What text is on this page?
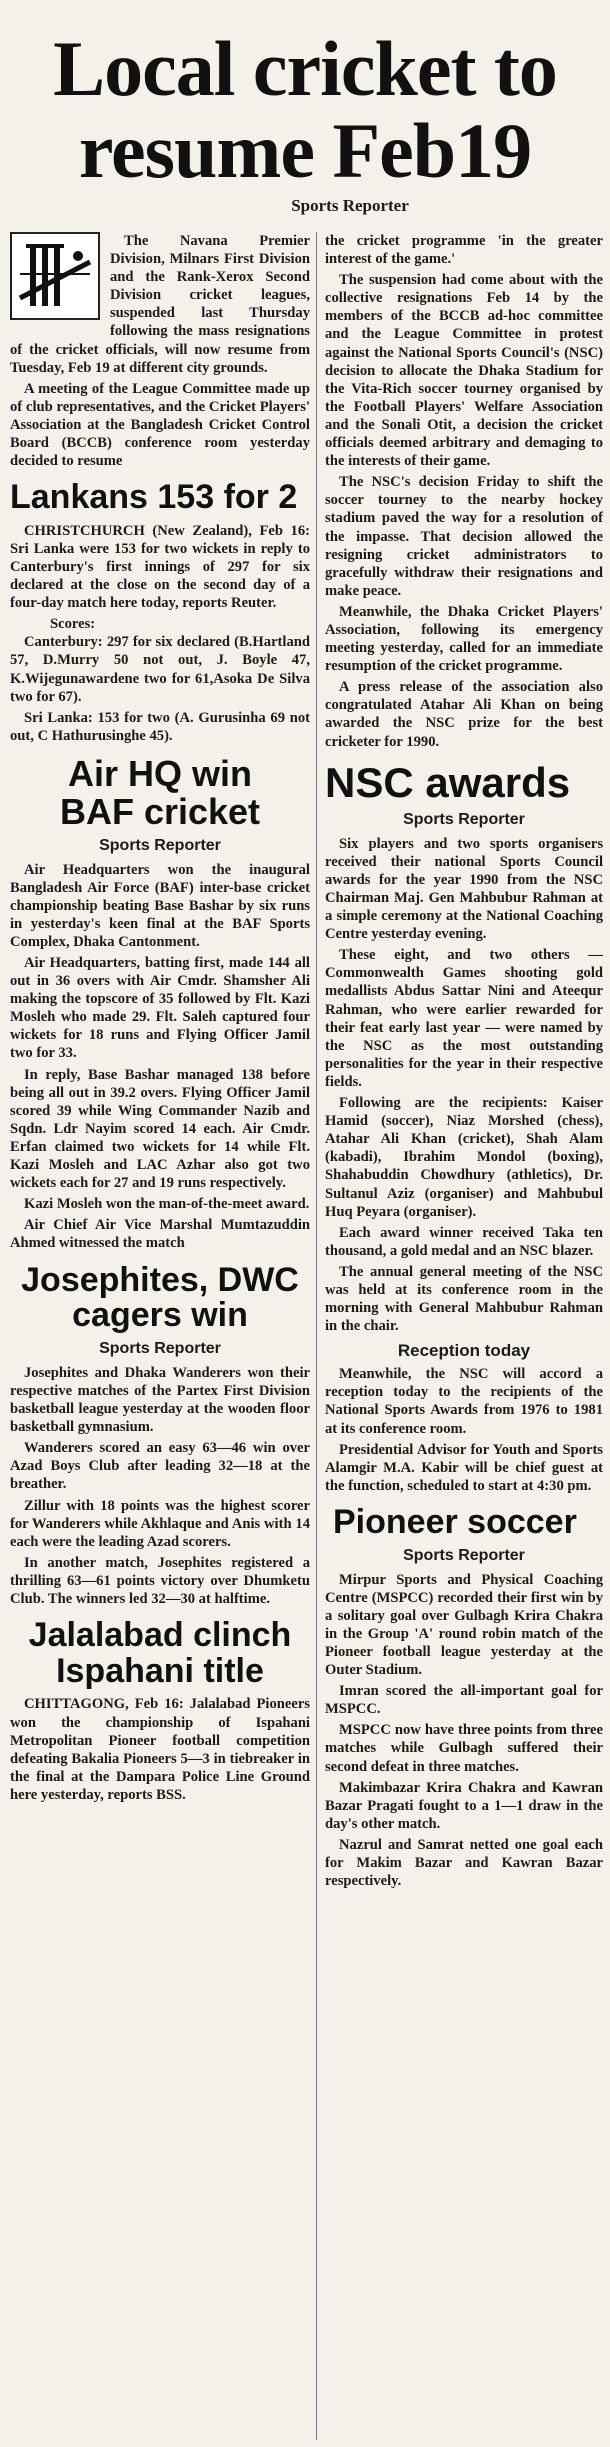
Local cricket to
resume Feb19
Sports Reporter

The Navana Premier Division, Milnars First Division and the Rank-Xerox Second Division cricket leagues, suspended last Thursday following the mass resignations of the cricket officials, will now resume from Tuesday, Feb 19 at different city grounds.

A meeting of the League Committee made up of club representatives, and the Cricket Players' Association at the Bangladesh Cricket Control Board (BCCB) conference room yesterday decided to resume

Lankans 153 for 2

CHRISTCHURCH (New Zealand), Feb 16: Sri Lanka were 153 for two wickets in reply to Canterbury's first innings of 297 for six declared at the close on the second day of a four-day match here today, reports Reuter.

Scores:

Canterbury: 297 for six declared (B.Hartland 57, D.Murry 50 not out, J. Boyle 47, K.Wijegunawardene two for 61,Asoka De Silva two for 67).

Sri Lanka: 153 for two (A. Gurusinha 69 not out, C Hathurusinghe 45).

Air HQ win
BAF cricket
Sports Reporter

Air Headquarters won the inaugural Bangladesh Air Force (BAF) inter-base cricket championship beating Base Bashar by six runs in yesterday's keen final at the BAF Sports Complex, Dhaka Cantonment.

Air Headquarters, batting first, made 144 all out in 36 overs with Air Cmdr. Shamsher Ali making the topscore of 35 followed by Flt. Kazi Mosleh who made 29. Flt. Saleh captured four wickets for 18 runs and Flying Officer Jamil two for 33.

In reply, Base Bashar managed 138 before being all out in 39.2 overs. Flying Officer Jamil scored 39 while Wing Commander Nazib and Sqdn. Ldr Nayim scored 14 each. Air Cmdr. Erfan claimed two wickets for 14 while Flt. Kazi Mosleh and LAC Azhar also got two wickets each for 27 and 19 runs respectively.

Kazi Mosleh won the man-of-the-meet award.

Air Chief Air Vice Marshal Mumtazuddin Ahmed witnessed the match

Josephites, DWC
cagers win
Sports Reporter

Josephites and Dhaka Wanderers won their respective matches of the Partex First Division basketball league yesterday at the wooden floor basketball gymnasium.

Wanderers scored an easy 63—46 win over Azad Boys Club after leading 32—18 at the breather.

Zillur with 18 points was the highest scorer for Wanderers while Akhlaque and Anis with 14 each were the leading Azad scorers.

In another match, Josephites registered a thrilling 63—61 points victory over Dhumketu Club. The winners led 32—30 at halftime.

Jalalabad clinch
Ispahani title

CHITTAGONG, Feb 16: Jalalabad Pioneers won the championship of Ispahani Metropolitan Pioneer football competition defeating Bakalia Pioneers 5—3 in tiebreaker in the final at the Dampara Police Line Ground here yesterday, reports BSS.

the cricket programme 'in the greater interest of the game.'

The suspension had come about with the collective resignations Feb 14 by the members of the BCCB ad-hoc committee and the League Committee in protest against the National Sports Council's (NSC) decision to allocate the Dhaka Stadium for the Vita-Rich soccer tourney organised by the Football Players' Welfare Association and the Sonali Otit, a decision the cricket officials deemed arbitrary and demaging to the interests of their game.

The NSC's decision Friday to shift the soccer tourney to the nearby hockey stadium paved the way for a resolution of the impasse. That decision allowed the resigning cricket administrators to gracefully withdraw their resignations and make peace.

Meanwhile, the Dhaka Cricket Players' Association, following its emergency meeting yesterday, called for an immediate resumption of the cricket programme.

A press release of the association also congratulated Atahar Ali Khan on being awarded the NSC prize for the best cricketer for 1990.

NSC awards
Sports Reporter

Six players and two sports organisers received their national Sports Council awards for the year 1990 from the NSC Chairman Maj. Gen Mahbubur Rahman at a simple ceremony at the National Coaching Centre yesterday evening.

These eight, and two others — Commonwealth Games shooting gold medallists Abdus Sattar Nini and Ateequr Rahman, who were earlier rewarded for their feat early last year — were named by the NSC as the most outstanding personalities for the year in their respective fields.

Following are the recipients: Kaiser Hamid (soccer), Niaz Morshed (chess), Atahar Ali Khan (cricket), Shah Alam (kabadi), Ibrahim Mondol (boxing), Shahabuddin Chowdhury (athletics), Dr. Sultanul Aziz (organiser) and Mahbubul Huq Peyara (organiser).

Each award winner received Taka ten thousand, a gold medal and an NSC blazer.

The annual general meeting of the NSC was held at its conference room in the morning with General Mahbubur Rahman in the chair.

Reception today

Meanwhile, the NSC will accord a reception today to the recipients of the National Sports Awards from 1976 to 1981 at its conference room.

Presidential Advisor for Youth and Sports Alamgir M.A. Kabir will be chief guest at the function, scheduled to start at 4:30 pm.

Pioneer soccer
Sports Reporter

Mirpur Sports and Physical Coaching Centre (MSPCC) recorded their first win by a solitary goal over Gulbagh Krira Chakra in the Group 'A' round robin match of the Pioneer football league yesterday at the Outer Stadium.

Imran scored the all-important goal for MSPCC.

MSPCC now have three points from three matches while Gulbagh suffered their second defeat in three matches.

Makimbazar Krira Chakra and Kawran Bazar Pragati fought to a 1—1 draw in the day's other match.

Nazrul and Samrat netted one goal each for Makim Bazar and Kawran Bazar respectively.
